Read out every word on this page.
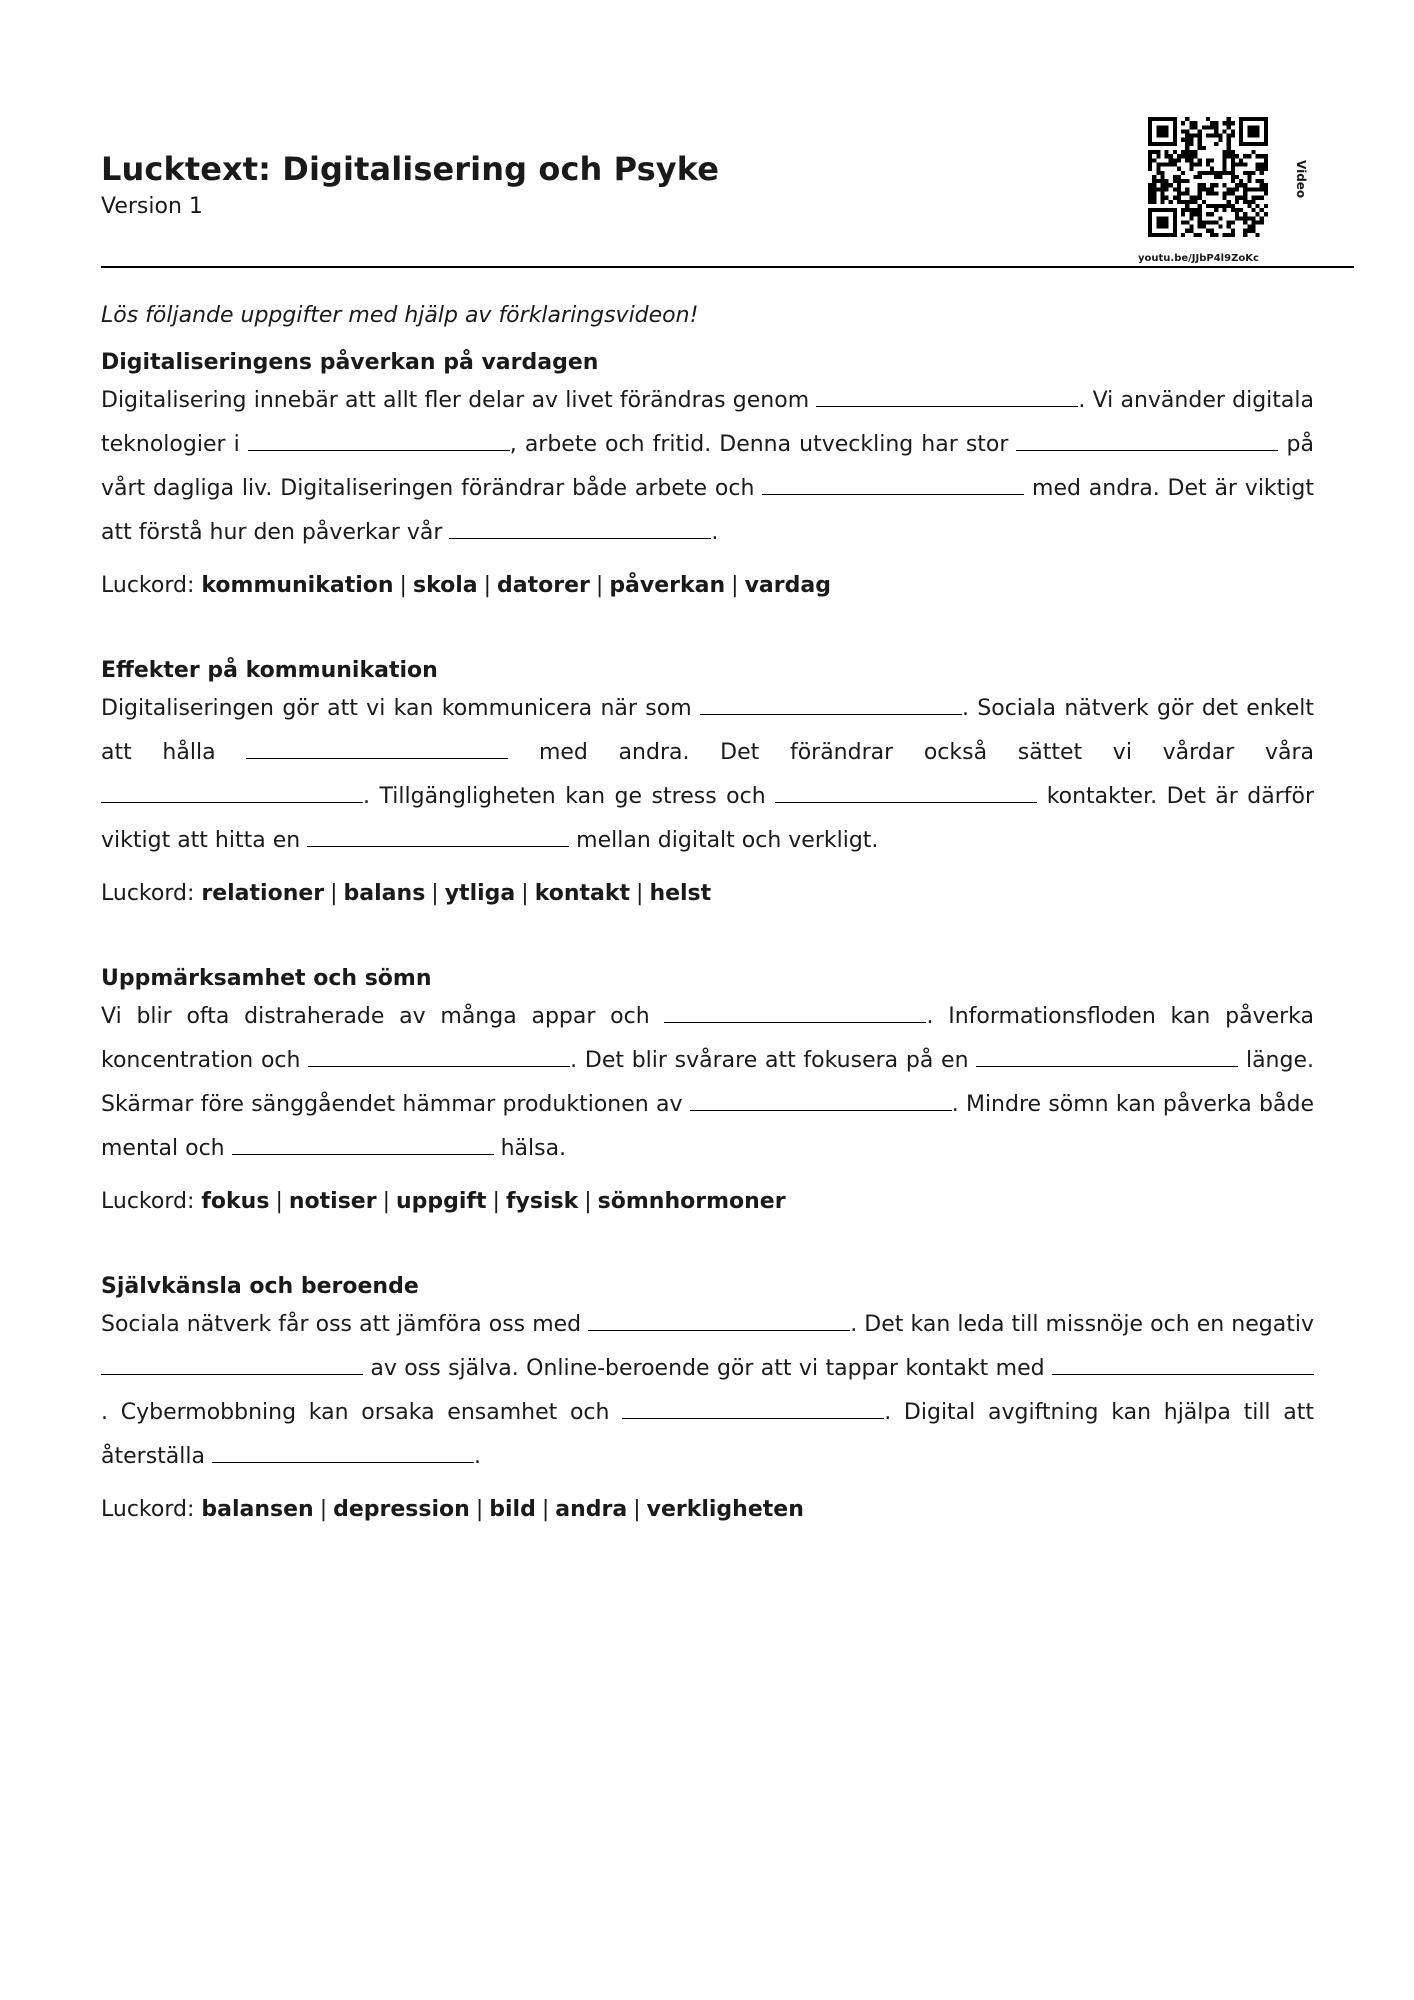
Lucktext: Digitalisering och Psyke
Version 1
youtu.be/JJbP4l9ZoKc
Video

Lös följande uppgifter med hjälp av förklaringsvideon!

Digitaliseringens påverkan på vardagen

Digitalisering innebär att allt fler delar av livet förändras genom	. Vi använder digitala teknologier i	, arbete och fritid. Denna utveckling har stor	på vårt dagliga liv. Digitaliseringen förändrar både arbete och	med andra. Det är viktigt att förstå hur den påverkar vår	.

Luckord: kommunikation | skola | datorer | påverkan | vardag
Effekter på kommunikation

Digitaliseringen gör att vi kan kommunicera när som	. Sociala nätverk gör det enkelt att hålla	med andra. Det förändrar också sättet vi vårdar våra . Tillgängligheten kan ge stress och	kontakter. Det är därför viktigt att hitta en	mellan digitalt och verkligt.

Luckord: relationer | balans | ytliga | kontakt | helst
Uppmärksamhet och sömn

Vi blir ofta distraherade av många appar och	. Informationsfloden kan påverka koncentration och	. Det blir svårare att fokusera på en	länge. Skärmar före sänggåendet hämmar produktionen av	. Mindre sömn kan påverka både mental och	hälsa.

Luckord: fokus | notiser | uppgift | fysisk | sömnhormoner
Självkänsla och beroende

Sociala nätverk får oss att jämföra oss med	. Det kan leda till missnöje och en negativ  av oss själva. Online-beroende gör att vi tappar kontakt med . Cybermobbning kan orsaka ensamhet och	. Digital avgiftning kan hjälpa till att återställa	.

Luckord: balansen | depression | bild | andra | verkligheten
